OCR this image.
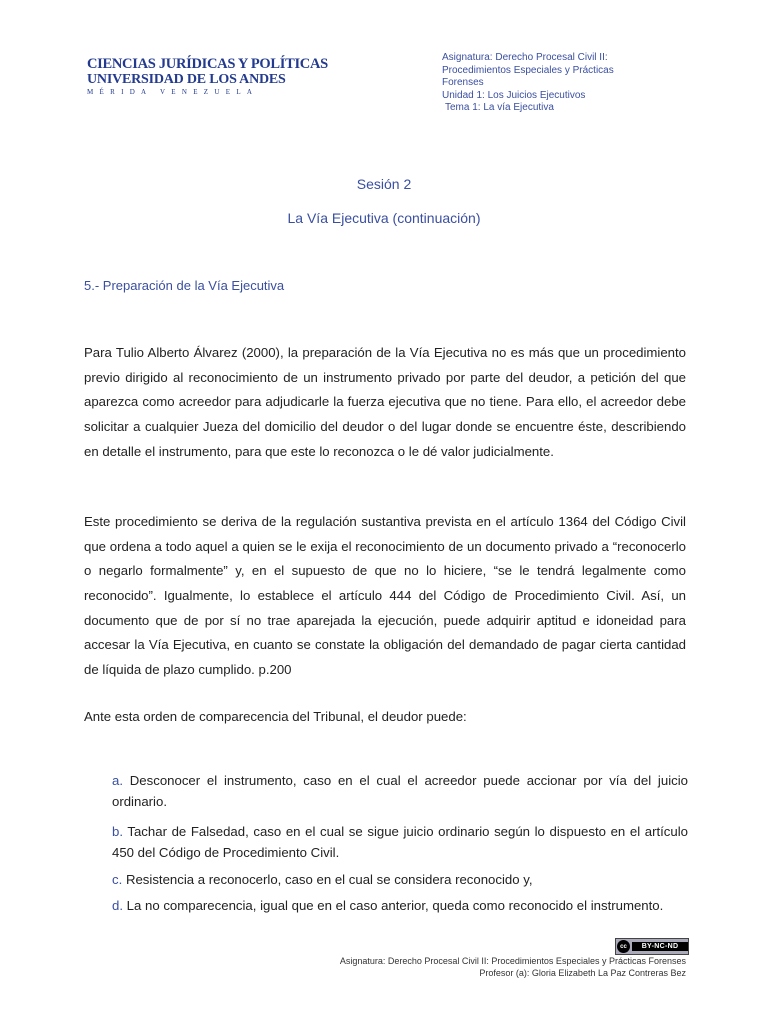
CIENCIAS JURÍDICAS Y POLÍTICAS
UNIVERSIDAD DE LOS ANDES
MÉRIDA VENEZUELA
Asignatura: Derecho Procesal Civil II:
Procedimientos Especiales y Prácticas
Forenses
Unidad 1: Los Juicios Ejecutivos
Tema 1: La vía Ejecutiva
Sesión 2
La Vía Ejecutiva (continuación)
5.- Preparación de la Vía Ejecutiva

Para Tulio Alberto Álvarez (2000), la preparación de la Vía Ejecutiva no es más que un procedimiento previo dirigido al reconocimiento de un instrumento privado por parte del deudor, a petición del que aparezca como acreedor para adjudicarle la fuerza ejecutiva que no tiene. Para ello, el acreedor debe solicitar a cualquier Jueza del domicilio del deudor o del lugar donde se encuentre éste, describiendo en detalle el instrumento, para que este lo reconozca o le dé valor judicialmente.

Este procedimiento se deriva de la regulación sustantiva prevista en el artículo 1364 del Código Civil que ordena a todo aquel a quien se le exija el reconocimiento de un documento privado a “reconocerlo o negarlo formalmente” y, en el supuesto de que no lo hiciere, “se le tendrá legalmente como reconocido”. Igualmente, lo establece el artículo 444 del Código de Procedimiento Civil. Así, un documento que de por sí no trae aparejada la ejecución, puede adquirir aptitud e idoneidad para accesar la Vía Ejecutiva, en cuanto se constate la obligación del demandado de pagar cierta cantidad de líquida de plazo cumplido. p.200

Ante esta orden de comparecencia del Tribunal, el deudor puede:

a. Desconocer el instrumento, caso en el cual el acreedor puede accionar por vía del juicio ordinario.

b. Tachar de Falsedad, caso en el cual se sigue juicio ordinario según lo dispuesto en el artículo 450 del Código de Procedimiento Civil.

c. Resistencia a reconocerlo, caso en el cual se considera reconocido y,

d. La no comparecencia, igual que en el caso anterior, queda como reconocido el instrumento.

cc	BY-NC-ND
Asignatura: Derecho Procesal Civil II: Procedimientos Especiales y Prácticas Forenses
Profesor (a): Gloria Elizabeth La Paz Contreras Bez
